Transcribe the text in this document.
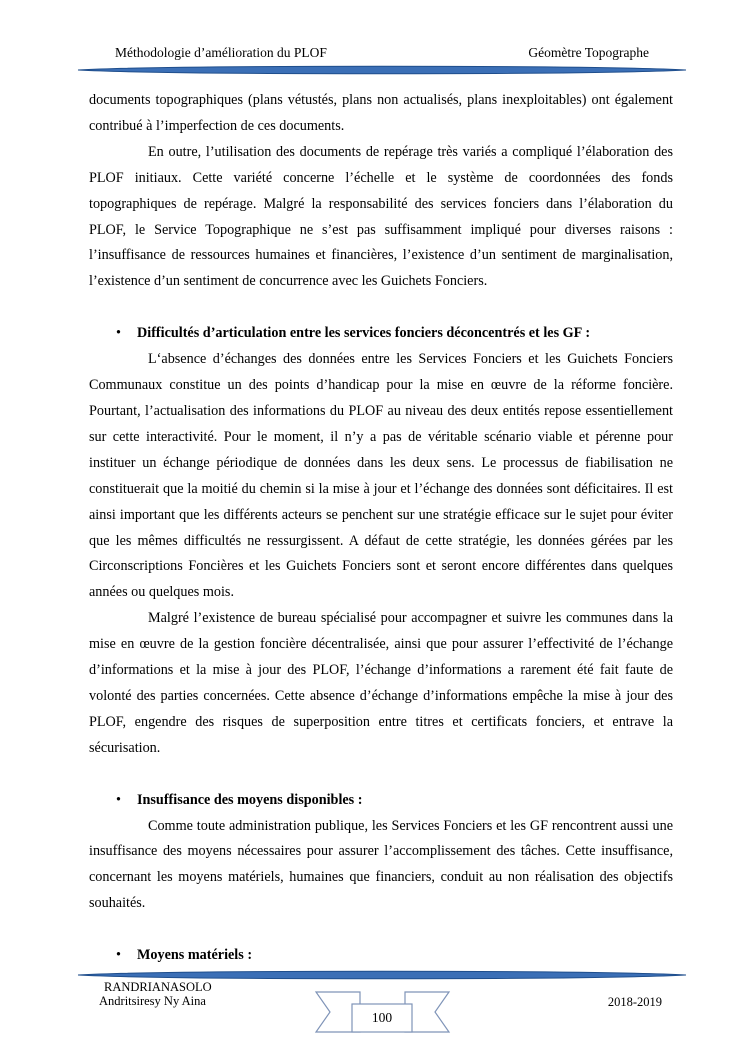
Méthodologie d’amélioration du PLOF	Géomètre Topographe

documents topographiques (plans vétustés, plans non actualisés, plans inexploitables) ont également contribué à l’imperfection de ces documents.

En outre, l’utilisation des documents de repérage très variés a compliqué l’élaboration des PLOF initiaux. Cette variété concerne l’échelle et le système de coordonnées des fonds topographiques de repérage. Malgré la responsabilité des services fonciers dans l’élaboration du PLOF, le Service Topographique ne s’est pas suffisamment impliqué pour diverses raisons : l’insuffisance de ressources humaines et financières, l’existence d’un sentiment de marginalisation, l’existence d’un sentiment de concurrence avec les Guichets Fonciers.

• Difficultés d’articulation entre les services fonciers déconcentrés et les GF :

L‘absence d’échanges des données entre les Services Fonciers et les Guichets Fonciers Communaux constitue un des points d’handicap pour la mise en œuvre de la réforme foncière. Pourtant, l’actualisation des informations du PLOF au niveau des deux entités repose essentiellement sur cette interactivité. Pour le moment, il n’y a pas de véritable scénario viable et pérenne pour instituer un échange périodique de données dans les deux sens. Le processus de fiabilisation ne constituerait que la moitié du chemin si la mise à jour et l’échange des données sont déficitaires. Il est ainsi important que les différents acteurs se penchent sur une stratégie efficace sur le sujet pour éviter que les mêmes difficultés ne ressurgissent. A défaut de cette stratégie, les données gérées par les Circonscriptions Foncières et les Guichets Fonciers sont et seront encore différentes dans quelques années ou quelques mois.

Malgré l’existence de bureau spécialisé pour accompagner et suivre les communes dans la mise en œuvre de la gestion foncière décentralisée, ainsi que pour assurer l’effectivité de l’échange d’informations et la mise à jour des PLOF, l’échange d’informations a rarement été fait faute de volonté des parties concernées. Cette absence d’échange d’informations empêche la mise à jour des PLOF, engendre des risques de superposition entre titres et certificats fonciers, et entrave la sécurisation.

• Insuffisance des moyens disponibles :

Comme toute administration publique, les Services Fonciers et les GF rencontrent aussi une insuffisance des moyens nécessaires pour assurer l’accomplissement des tâches. Cette insuffisance, concernant les moyens matériels, humaines que financiers, conduit au non réalisation des objectifs souhaités.

• Moyens matériels :
RANDRIANASOLO
Andritsiresy Ny Aina	2018-2019
100
